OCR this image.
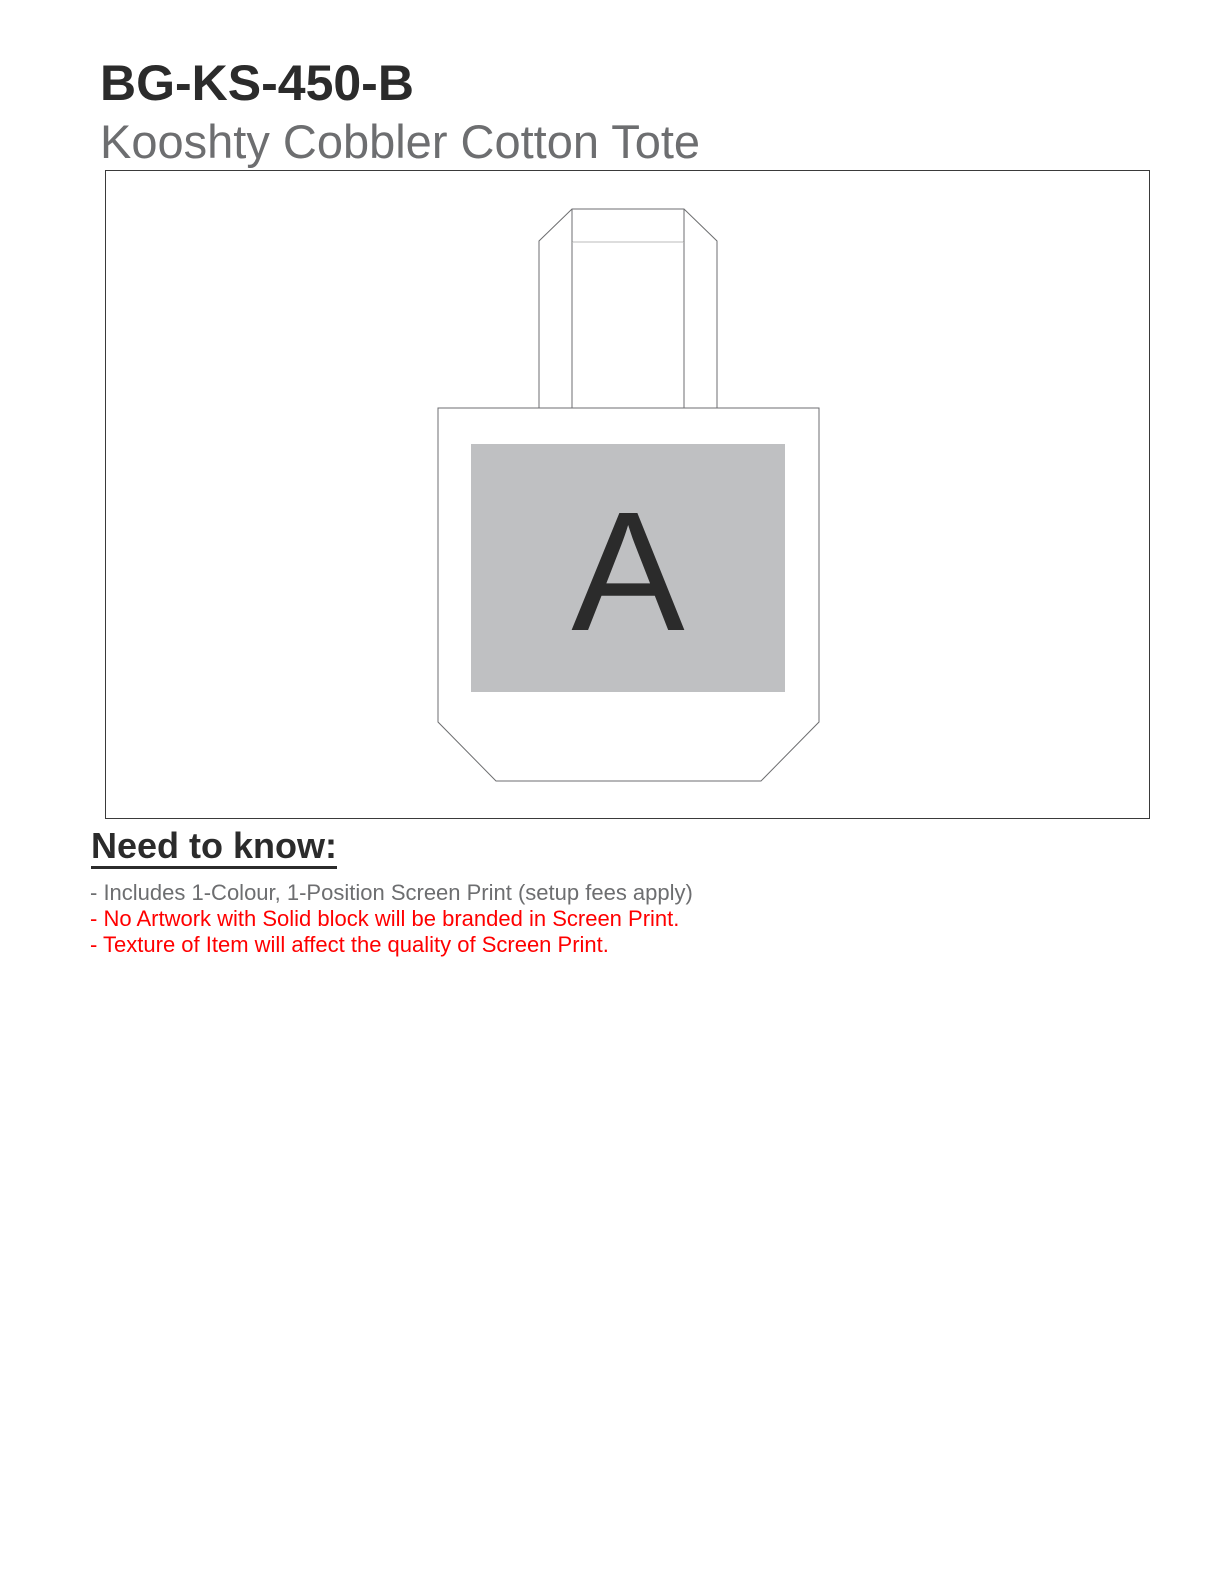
BG-KS-450-B
Kooshty Cobbler Cotton Tote
A
Need to know:
- Includes 1-Colour, 1-Position Screen Print (setup fees apply)
- No Artwork with Solid block will be branded in Screen Print.
- Texture of Item will affect the quality of Screen Print.
